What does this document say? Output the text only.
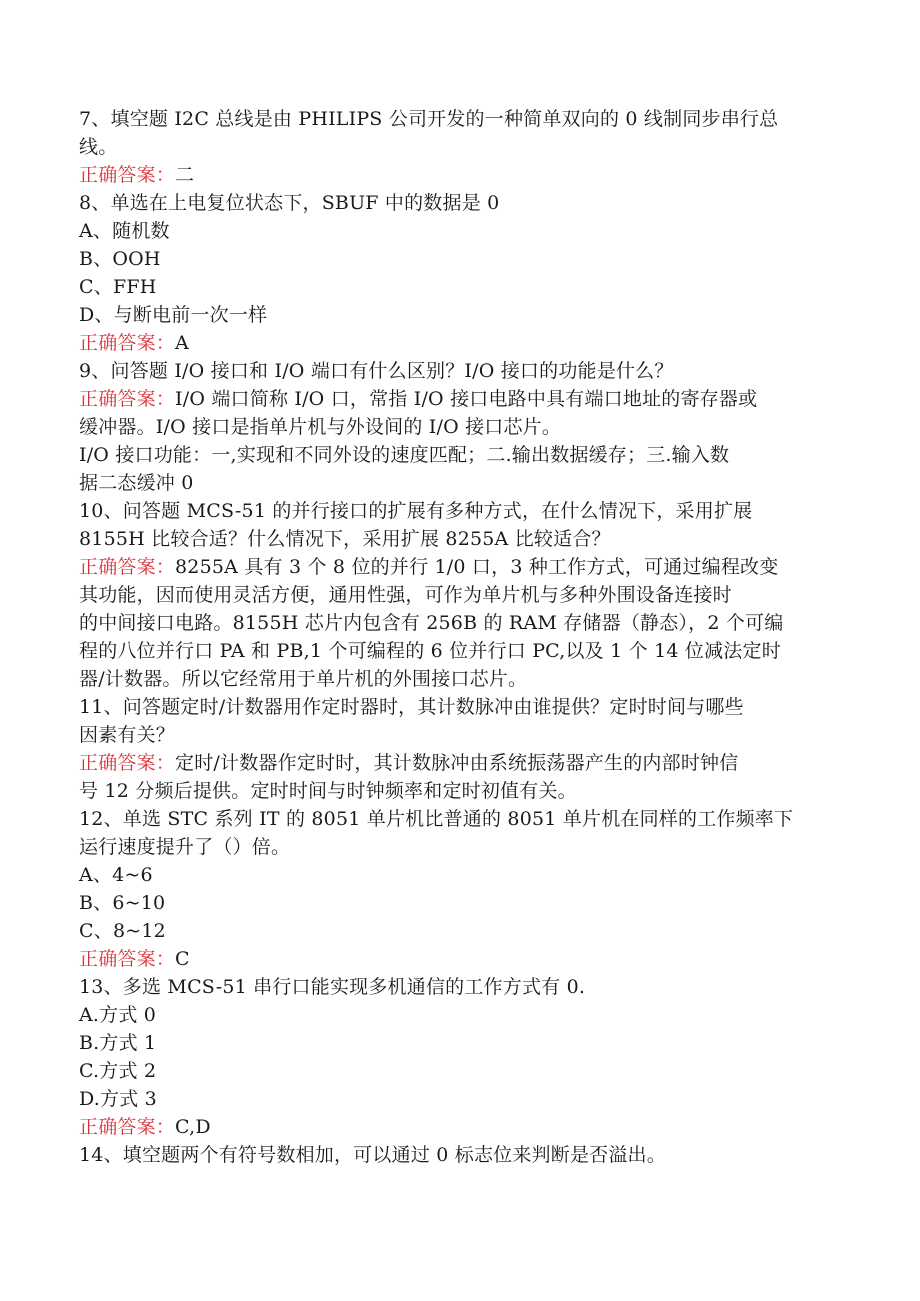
7、填空题 I2C 总线是由 PHILIPS 公司开发的一种简单双向的 0 线制同步串行总
线。
正确答案：二
8、单选在上电复位状态下，SBUF 中的数据是 0
A、随机数
B、OOH
C、FFH
D、与断电前一次一样
正确答案：A
9、问答题 I/O 接口和 I/O 端口有什么区别？I/O 接口的功能是什么？
正确答案：I/O 端口简称 I/O 口，常指 I/O 接口电路中具有端口地址的寄存器或
缓冲器。I/O 接口是指单片机与外设间的 I/O 接口芯片。
I/O 接口功能：一,实现和不同外设的速度匹配；二.输出数据缓存；三.输入数
据二态缓冲 0
10、问答题 MCS-51 的并行接口的扩展有多种方式，在什么情况下，采用扩展
8155H 比较合适？什么情况下，采用扩展 8255A 比较适合？
正确答案：8255A 具有 3 个 8 位的并行 1/0 口，3 种工作方式，可通过编程改变
其功能，因而使用灵活方便，通用性强，可作为单片机与多种外围设备连接时
的中间接口电路。8155H 芯片内包含有 256B 的 RAM 存储器（静态），2 个可编
程的八位并行口 PA 和 PB,1 个可编程的 6 位并行口 PC,以及 1 个 14 位减法定时
器/计数器。所以它经常用于单片机的外围接口芯片。
11、问答题定时/计数器用作定时器时，其计数脉冲由谁提供？定时时间与哪些
因素有关？
正确答案：定时/计数器作定时时，其计数脉冲由系统振荡器产生的内部时钟信
号 12 分频后提供。定时时间与时钟频率和定时初值有关。
12、单选 STC 系列 IT 的 8051 单片机比普通的 8051 单片机在同样的工作频率下
运行速度提升了（）倍。
A、4~6
B、6~10
C、8~12
正确答案：C
13、多选 MCS-51 串行口能实现多机通信的工作方式有 0.
A.方式 0
B.方式 1
C.方式 2
D.方式 3
正确答案：C,D
14、填空题两个有符号数相加，可以通过 0 标志位来判断是否溢出。
